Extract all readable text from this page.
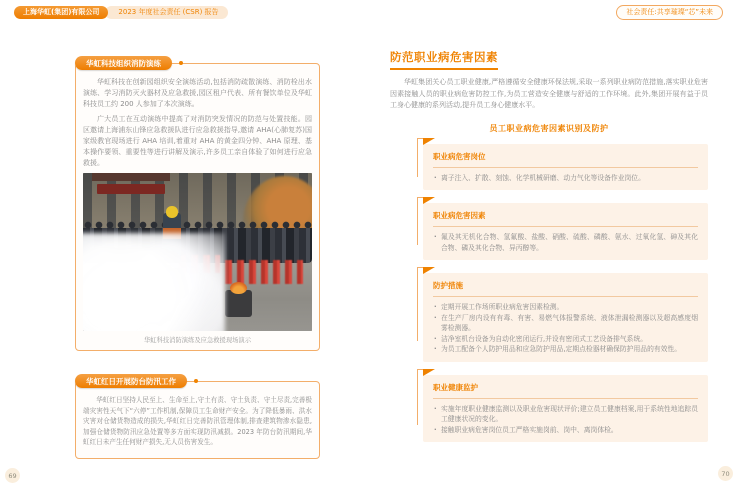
上海华虹(集团)有限公司	2023 年度社会责任 (CSR) 报告	社会责任:共享璀璨“芯”未来
华虹科技组织消防演练

华虹科技在创新园组织安全演练活动,包括消防疏散演练、消防栓出水演练、学习消防灭火器材及应急救援,园区租户代表、所有餐饮单位及华虹科技员工约 200 人参加了本次演练。

广大员工在互动演练中提高了对消防突发情况的防范与处置技能。园区邀请上海浦东山锋应急救援队进行应急救援指导,邀请 AHA(心肺复苏)国家级教官现场进行 AHA 培训,着重对 AHA 的黄金四分钟、AHA 原理、基本操作要领、重要性等进行讲解及演示,许多员工亲自体验了如何进行应急救援。

华虹科技消防演练及应急救援现场演示
华虹红日开展防台防汛工作

华虹红日坚持人民至上、生命至上,守土有责、守土负责、守土尽责,完善极端灾害性天气下“六停”工作机制,保障员工生命财产安全。为了降低暴雨、洪水灾害对仓储货物造成的损失,华虹红日完善防汛管理体制,排查建筑物渗水隐患,加强仓储货物防汛应急处置等多方面实现防汛减损。2023 年防台防汛期间,华虹红日未产生任何财产损失,无人员伤害发生。

防范职业病危害因素

华虹集团关心员工职业健康,严格遵循安全健康环保法规,采取一系列职业病防范措施,落实职业危害因素接触人员的职业病危害防控工作,为员工营造安全健康与舒适的工作环境。此外,集团开展有益于员工身心健康的系列活动,提升员工身心健康水平。

员工职业病危害因素识别及防护
职业病危害岗位
· 离子注入、扩散、刻蚀、化学机械研磨、动力气化等设备作业岗位。
职业病危害因素
· 氟及其无机化合物、氢氟酸、盐酸、硝酸、硫酸、磷酸、氨水、过氧化氢、砷及其化合物、磷及其化合物、异丙醇等。
防护措施
· 定期开展工作场所职业病危害因素检测。
· 在生产厂房内设有有毒、有害、易燃气体报警系统、液体泄漏检测器以及超高感度烟雾检测器。
· 洁净室机台设备为自动化密闭运行,并设有密闭式工艺设备排气系统。
· 为员工配备个人防护用品和应急防护用品,定期点检器材确保防护用品的有效性。
职业健康监护
· 实施年度职业健康监测以及职业危害现状评价;建立员工健康档案,用于系统性地追踪员工健康状况的变化。
· 接触职业病危害岗位员工严格实施岗前、岗中、离岗体检。
69	70
